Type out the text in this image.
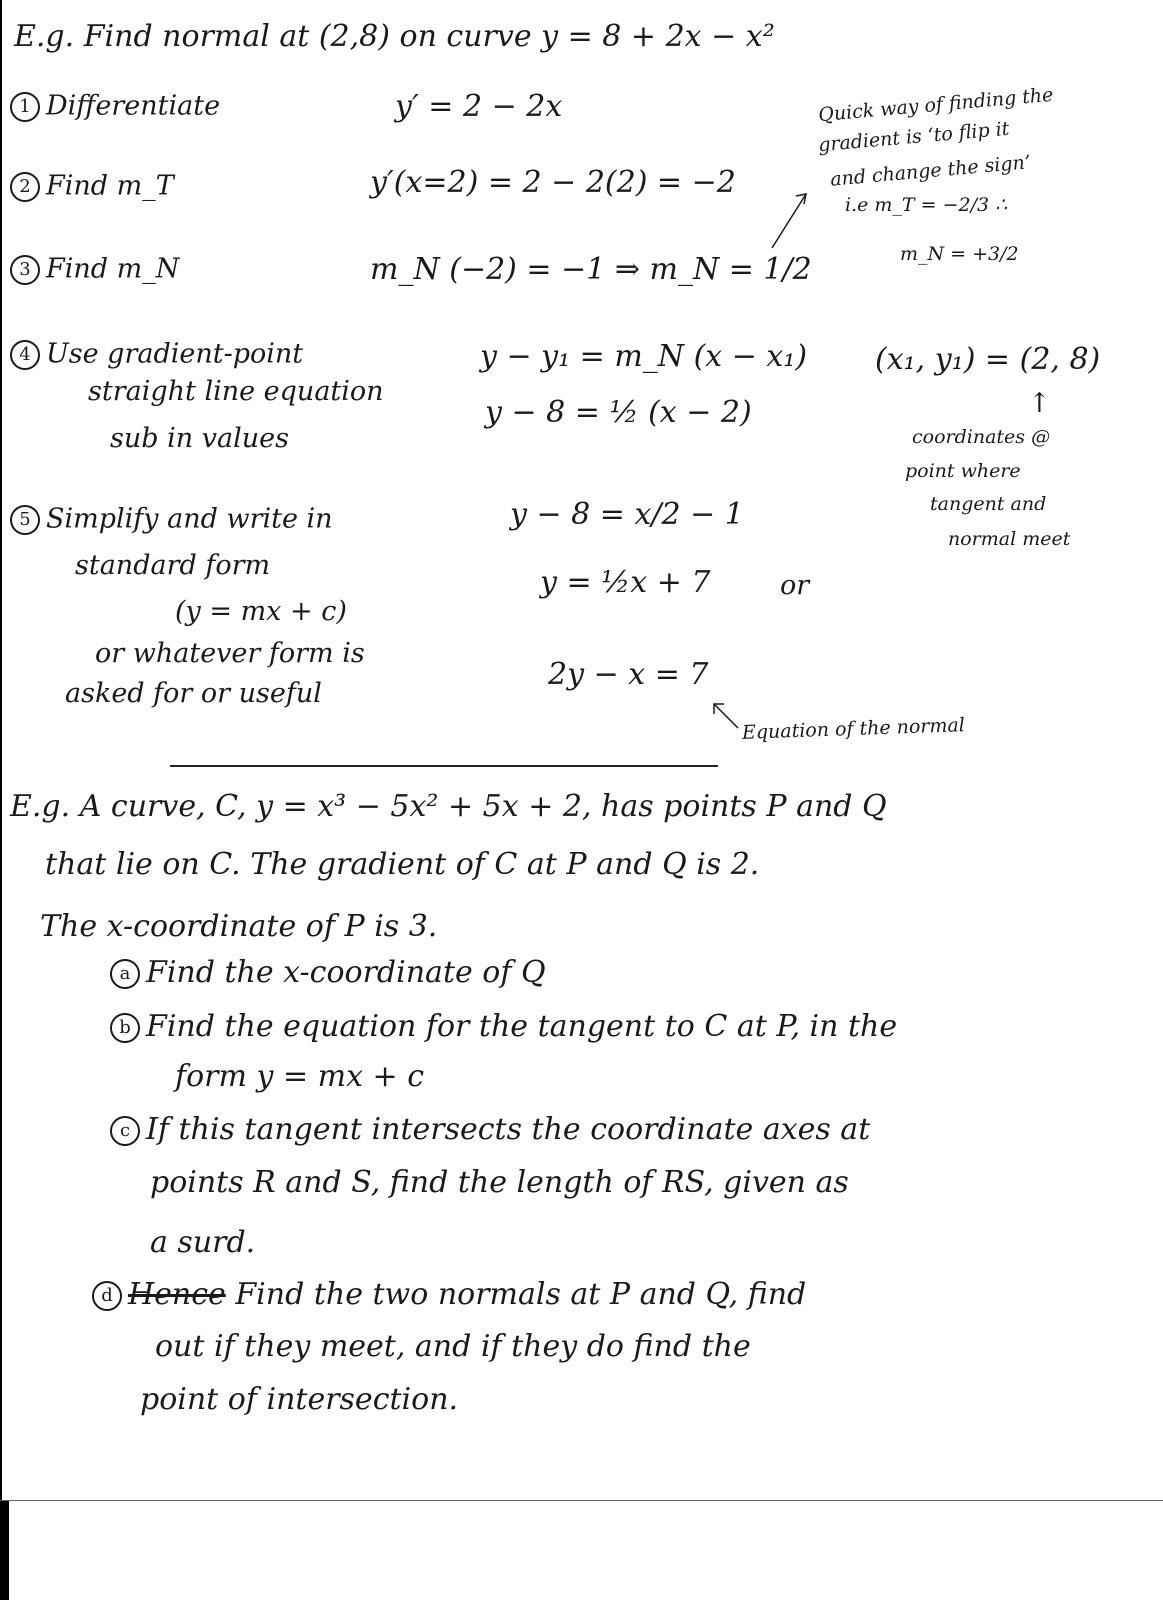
E.g. Find normal at (2,8) on curve y = 8 + 2x − x²
1 Differentiate	y′ = 2 − 2x
2 Find m_T	y′(x=2) = 2 − 2(2) = −2
3 Find m_N	m_N (−2) = −1 ⇒ m_N = 1/2
Quick way of finding the
gradient is ‘to flip it
and change the sign’
i.e m_T = −2/3 ∴
m_N = +3/2
4 Use gradient-point
straight line equation
sub in values
y − y₁ = m_N (x − x₁)
y − 8 = ½ (x − 2)
(x₁, y₁) = (2, 8)
↑
coordinates @
point where
tangent and
normal meet
5 Simplify and write in
standard form
(y = mx + c)
or whatever form is
asked for or useful
y − 8 = x/2 − 1
y = ½x + 7	or
2y − x = 7
Equation of the normal
E.g. A curve, C, y = x³ − 5x² + 5x + 2, has points P and Q
that lie on C. The gradient of C at P and Q is 2.
The x-coordinate of P is 3.
a Find the x-coordinate of Q
b Find the equation for the tangent to C at P, in the
form y = mx + c
c If this tangent intersects the coordinate axes at
points R and S, find the length of RS, given as
a surd.
d Hence Find the two normals at P and Q, find
out if they meet, and if they do find the
point of intersection.
